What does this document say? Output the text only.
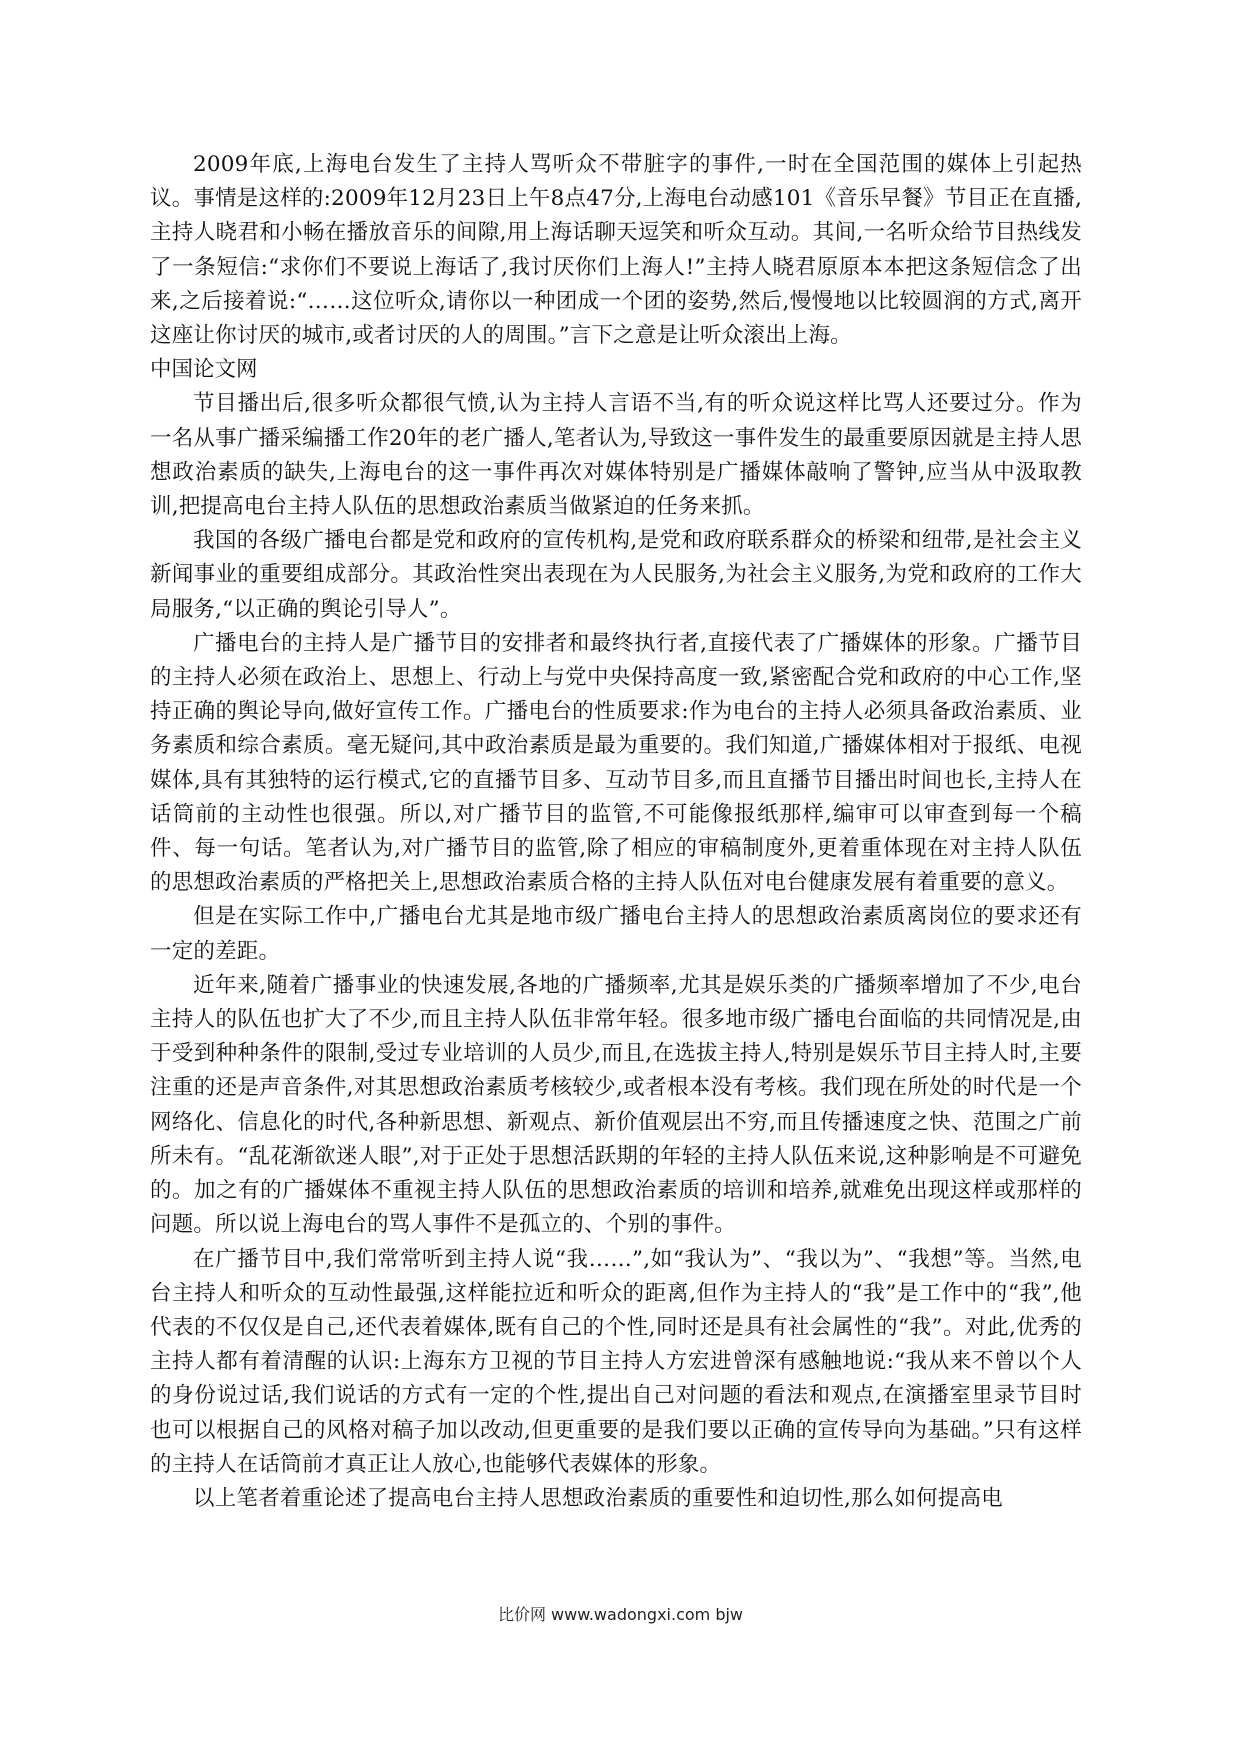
2009年底,上海电台发生了主持人骂听众不带脏字的事件,一时在全国范围的媒体上引起热议。事情是这样的:2009年12月23日上午8点47分,上海电台动感101《音乐早餐》节目正在直播,主持人晓君和小畅在播放音乐的间隙,用上海话聊天逗笑和听众互动。其间,一名听众给节目热线发了一条短信:“求你们不要说上海话了,我讨厌你们上海人!”主持人晓君原原本本把这条短信念了出来,之后接着说:“……这位听众,请你以一种团成一个团的姿势,然后,慢慢地以比较圆润的方式,离开这座让你讨厌的城市,或者讨厌的人的周围。”言下之意是让听众滚出上海。

中国论文网

节目播出后,很多听众都很气愤,认为主持人言语不当,有的听众说这样比骂人还要过分。作为一名从事广播采编播工作20年的老广播人,笔者认为,导致这一事件发生的最重要原因就是主持人思想政治素质的缺失,上海电台的这一事件再次对媒体特别是广播媒体敲响了警钟,应当从中汲取教训,把提高电台主持人队伍的思想政治素质当做紧迫的任务来抓。

我国的各级广播电台都是党和政府的宣传机构,是党和政府联系群众的桥梁和纽带,是社会主义新闻事业的重要组成部分。其政治性突出表现在为人民服务,为社会主义服务,为党和政府的工作大局服务,“以正确的舆论引导人”。

广播电台的主持人是广播节目的安排者和最终执行者,直接代表了广播媒体的形象。广播节目的主持人必须在政治上、思想上、行动上与党中央保持高度一致,紧密配合党和政府的中心工作,坚持正确的舆论导向,做好宣传工作。广播电台的性质要求:作为电台的主持人必须具备政治素质、业务素质和综合素质。毫无疑问,其中政治素质是最为重要的。我们知道,广播媒体相对于报纸、电视媒体,具有其独特的运行模式,它的直播节目多、互动节目多,而且直播节目播出时间也长,主持人在话筒前的主动性也很强。所以,对广播节目的监管,不可能像报纸那样,编审可以审查到每一个稿件、每一句话。笔者认为,对广播节目的监管,除了相应的审稿制度外,更着重体现在对主持人队伍的思想政治素质的严格把关上,思想政治素质合格的主持人队伍对电台健康发展有着重要的意义。

但是在实际工作中,广播电台尤其是地市级广播电台主持人的思想政治素质离岗位的要求还有一定的差距。

近年来,随着广播事业的快速发展,各地的广播频率,尤其是娱乐类的广播频率增加了不少,电台主持人的队伍也扩大了不少,而且主持人队伍非常年轻。很多地市级广播电台面临的共同情况是,由于受到种种条件的限制,受过专业培训的人员少,而且,在选拔主持人,特别是娱乐节目主持人时,主要注重的还是声音条件,对其思想政治素质考核较少,或者根本没有考核。我们现在所处的时代是一个网络化、信息化的时代,各种新思想、新观点、新价值观层出不穷,而且传播速度之快、范围之广前所未有。“乱花渐欲迷人眼”,对于正处于思想活跃期的年轻的主持人队伍来说,这种影响是不可避免的。加之有的广播媒体不重视主持人队伍的思想政治素质的培训和培养,就难免出现这样或那样的问题。所以说上海电台的骂人事件不是孤立的、个别的事件。

在广播节目中,我们常常听到主持人说“我……”,如“我认为”、“我以为”、“我想”等。当然,电台主持人和听众的互动性最强,这样能拉近和听众的距离,但作为主持人的“我”是工作中的“我”,他代表的不仅仅是自己,还代表着媒体,既有自己的个性,同时还是具有社会属性的“我”。对此,优秀的主持人都有着清醒的认识:上海东方卫视的节目主持人方宏进曾深有感触地说:“我从来不曾以个人的身份说过话,我们说话的方式有一定的个性,提出自己对问题的看法和观点,在演播室里录节目时也可以根据自己的风格对稿子加以改动,但更重要的是我们要以正确的宣传导向为基础。”只有这样的主持人在话筒前才真正让人放心,也能够代表媒体的形象。

以上笔者着重论述了提高电台主持人思想政治素质的重要性和迫切性,那么如何提高电

比价网 www.wadongxi.com bjw
